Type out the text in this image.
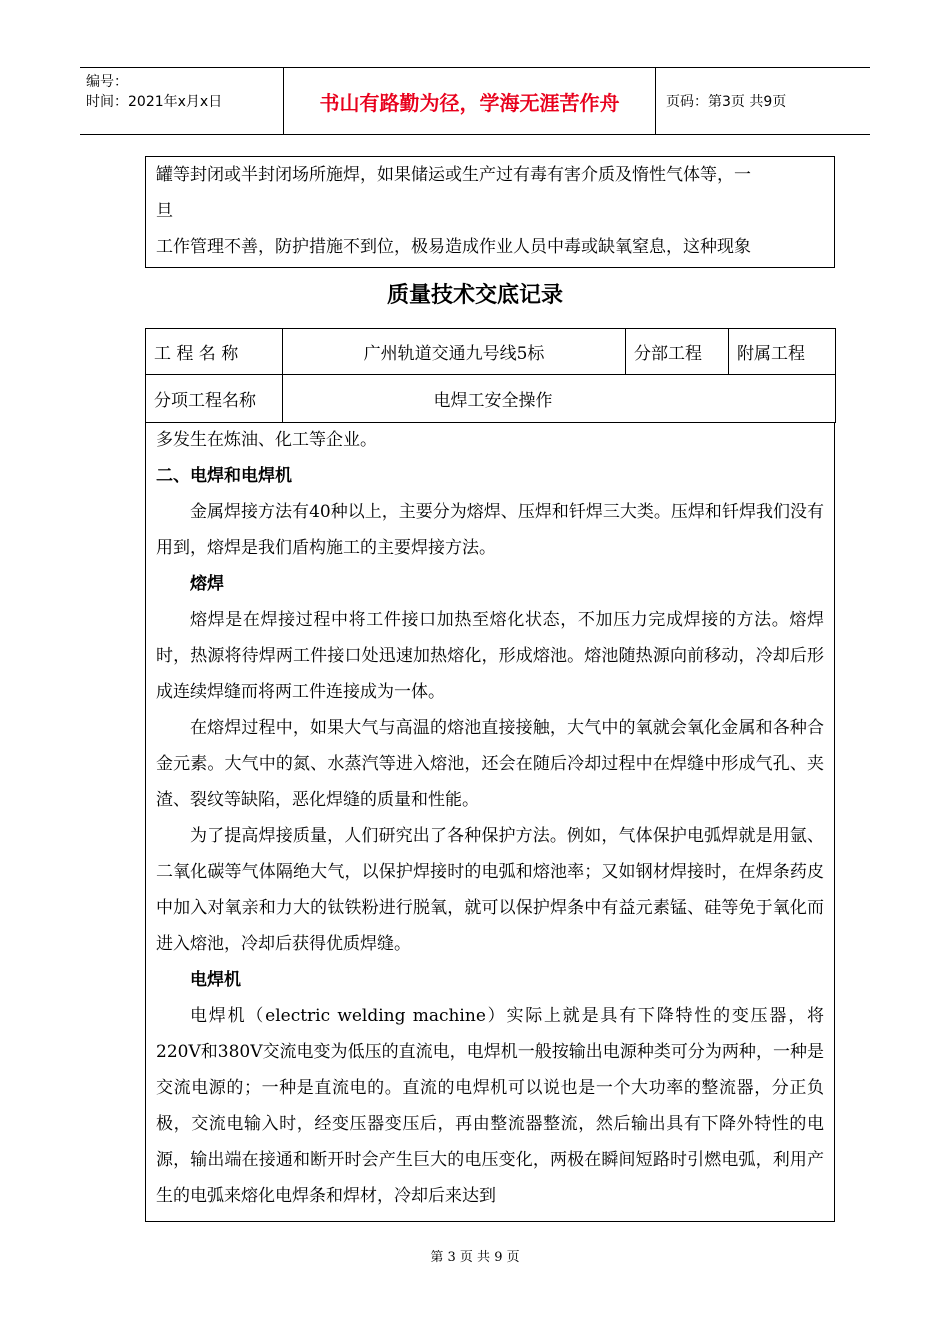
编号：
时间：2021年x月x日	书山有路勤为径，学海无涯苦作舟	页码：第3页 共9页

罐等封闭或半封闭场所施焊，如果储运或生产过有毒有害介质及惰性气体等，一

旦

工作管理不善，防护措施不到位，极易造成作业人员中毒或缺氧窒息，这种现象

质量技术交底记录
工 程 名 称	广州轨道交通九号线5标	分部工程	附属工程
分项工程名称	电焊工安全操作		

多发生在炼油、化工等企业。

二、电焊和电焊机

金属焊接方法有40种以上，主要分为熔焊、压焊和钎焊三大类。压焊和钎焊我们没有用到，熔焊是我们盾构施工的主要焊接方法。

熔焊

熔焊是在焊接过程中将工件接口加热至熔化状态，不加压力完成焊接的方法。熔焊时，热源将待焊两工件接口处迅速加热熔化，形成熔池。熔池随热源向前移动，冷却后形成连续焊缝而将两工件连接成为一体。

在熔焊过程中，如果大气与高温的熔池直接接触，大气中的氧就会氧化金属和各种合金元素。大气中的氮、水蒸汽等进入熔池，还会在随后冷却过程中在焊缝中形成气孔、夹渣、裂纹等缺陷，恶化焊缝的质量和性能。

为了提高焊接质量，人们研究出了各种保护方法。例如，气体保护电弧焊就是用氩、二氧化碳等气体隔绝大气，以保护焊接时的电弧和熔池率；又如钢材焊接时，在焊条药皮中加入对氧亲和力大的钛铁粉进行脱氧，就可以保护焊条中有益元素锰、硅等免于氧化而进入熔池，冷却后获得优质焊缝。

电焊机

电焊机（electric welding machine）实际上就是具有下降特性的变压器，将220V和380V交流电变为低压的直流电，电焊机一般按输出电源种类可分为两种，一种是交流电源的；一种是直流电的。直流的电焊机可以说也是一个大功率的整流器，分正负极，交流电输入时，经变压器变压后，再由整流器整流，然后输出具有下降外特性的电源，输出端在接通和断开时会产生巨大的电压变化，两极在瞬间短路时引燃电弧，利用产生的电弧来熔化电焊条和焊材，冷却后来达到

第 3 页 共 9 页
